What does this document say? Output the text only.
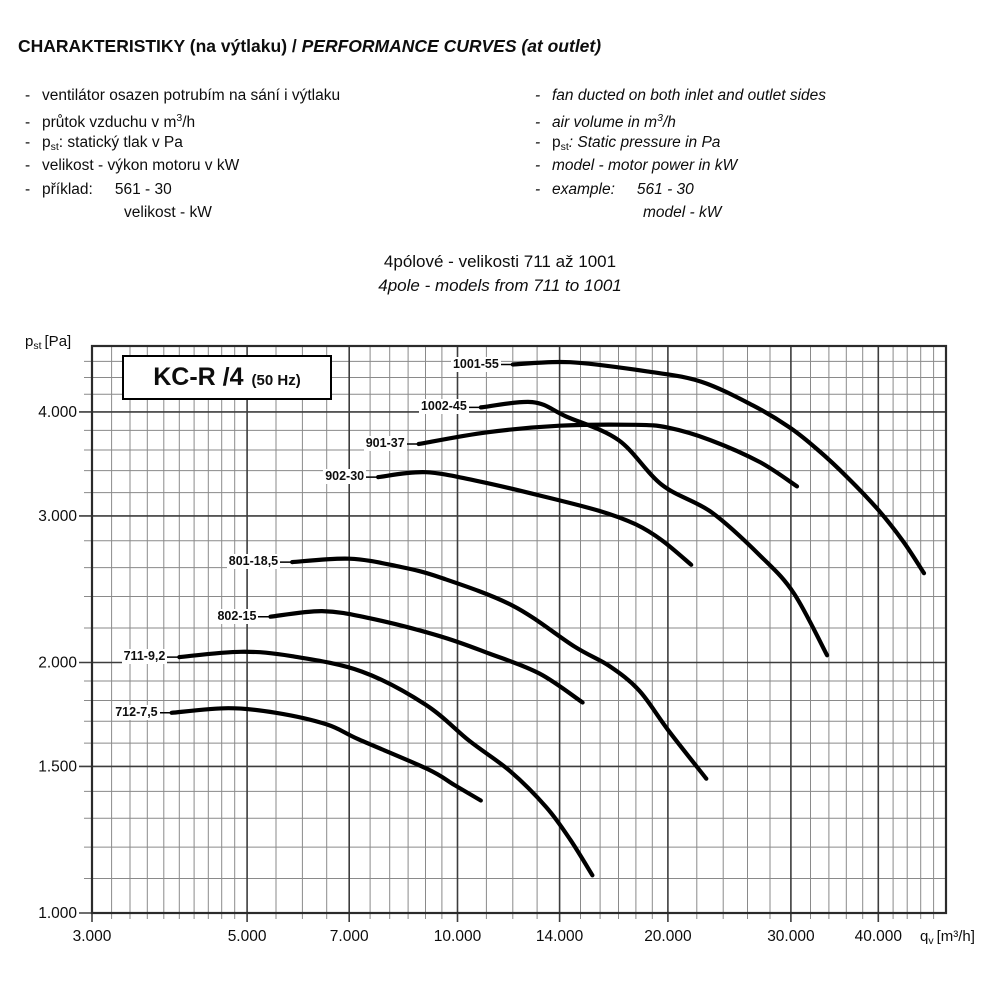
CHARAKTERISTIKY (na výtlaku) / PERFORMANCE CURVES (at outlet)
- ventilátor osazen potrubím na sání i výtlaku
- průtok vzduchu v $m^3/h$
- $p_{st}$: statický tlak v Pa
- velikost - výkon motoru v kW
- příklad: 561 - 30
velikost - kW
- fan ducted on both inlet and outlet sides
- air volume in $m^3/h$
- $p_{st}$: Static pressure in Pa
- model - motor power in kW
- example: 561 - 30
model - kW
4pólové - velikosti 711 až 1001
4pole - models from 711 to 1001
3.000	5.000	7.000	10.000	14.000	20.000	30.000	40.000
1.000
1.500
2.000
3.000
4.000
$p_{st}$ [Pa]
$q_v$ [m³/h]
KC-R /4 (50 Hz)
1001-55
1002-45
901-37
902-30
801-18,5
802-15
711-9,2
712-7,5
